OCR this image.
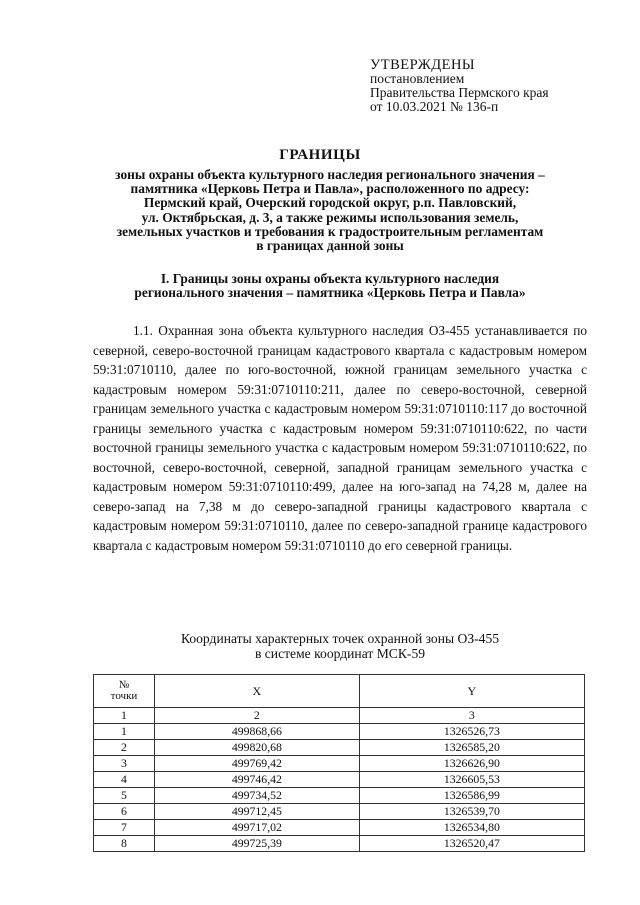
УТВЕРЖДЕНЫ
постановлением
Правительства Пермского края
от 10.03.2021 № 136-п
ГРАНИЦЫ
зоны охраны объекта культурного наследия регионального значения –
памятника «Церковь Петра и Павла», расположенного по адресу:
Пермский край, Очерский городской округ, р.п. Павловский,
ул. Октябрьская, д. 3, а также режимы использования земель,
земельных участков и требования к градостроительным регламентам
в границах данной зоны
I. Границы зоны охраны объекта культурного наследия
регионального значения – памятника «Церковь Петра и Павла»

1.1. Охранная зона объекта культурного наследия ОЗ-455 устанавливается по северной, северо-восточной границам кадастрового квартала с кадастровым номером 59:31:0710110, далее по юго-восточной, южной границам земельного участка с кадастровым номером 59:31:0710110:211, далее по северо-восточной, северной границам земельного участка с кадастровым номером 59:31:0710110:117 до восточной границы земельного участка с кадастровым номером 59:31:0710110:622, по части восточной границы земельного участка с кадастровым номером 59:31:0710110:622, по восточной, северо-восточной, северной, западной границам земельного участка с кадастровым номером 59:31:0710110:499, далее на юго-запад на 74,28 м, далее на северо-запад на 7,38 м до северо-западной границы кадастрового квартала с кадастровым номером 59:31:0710110, далее по северо-западной границе кадастрового квартала с кадастровым номером 59:31:0710110 до его северной границы.

Координаты характерных точек охранной зоны ОЗ-455
в системе координат МСК-59
№
точки	X	Y
1	2	3
1	499868,66	1326526,73
2	499820,68	1326585,20
3	499769,42	1326626,90
4	499746,42	1326605,53
5	499734,52	1326586,99
6	499712,45	1326539,70
7	499717,02	1326534,80
8	499725,39	1326520,47
